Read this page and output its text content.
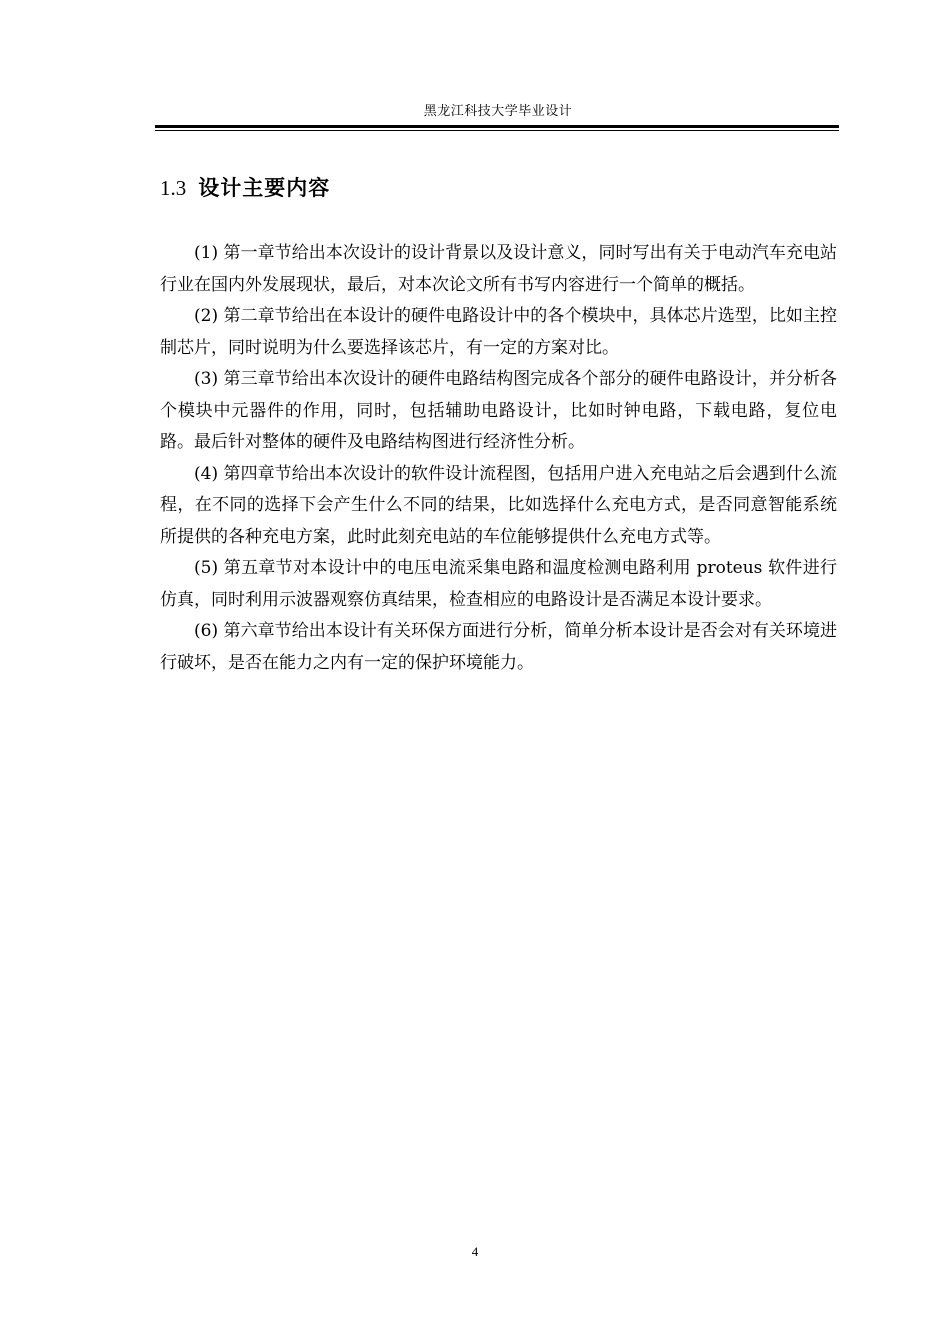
黑龙江科技大学毕业设计
1.3 设计主要内容

(1) 第一章节给出本次设计的设计背景以及设计意义，同时写出有关于电动汽车充电站行业在国内外发展现状，最后，对本次论文所有书写内容进行一个简单的概括。

(2) 第二章节给出在本设计的硬件电路设计中的各个模块中，具体芯片选型，比如主控制芯片，同时说明为什么要选择该芯片，有一定的方案对比。

(3) 第三章节给出本次设计的硬件电路结构图完成各个部分的硬件电路设计，并分析各个模块中元器件的作用，同时，包括辅助电路设计，比如时钟电路，下载电路，复位电路。最后针对整体的硬件及电路结构图进行经济性分析。

(4) 第四章节给出本次设计的软件设计流程图，包括用户进入充电站之后会遇到什么流程，在不同的选择下会产生什么不同的结果，比如选择什么充电方式，是否同意智能系统所提供的各种充电方案，此时此刻充电站的车位能够提供什么充电方式等。

(5) 第五章节对本设计中的电压电流采集电路和温度检测电路利用 proteus 软件进行仿真，同时利用示波器观察仿真结果，检查相应的电路设计是否满足本设计要求。

(6) 第六章节给出本设计有关环保方面进行分析，简单分析本设计是否会对有关环境进行破坏，是否在能力之内有一定的保护环境能力。

4
